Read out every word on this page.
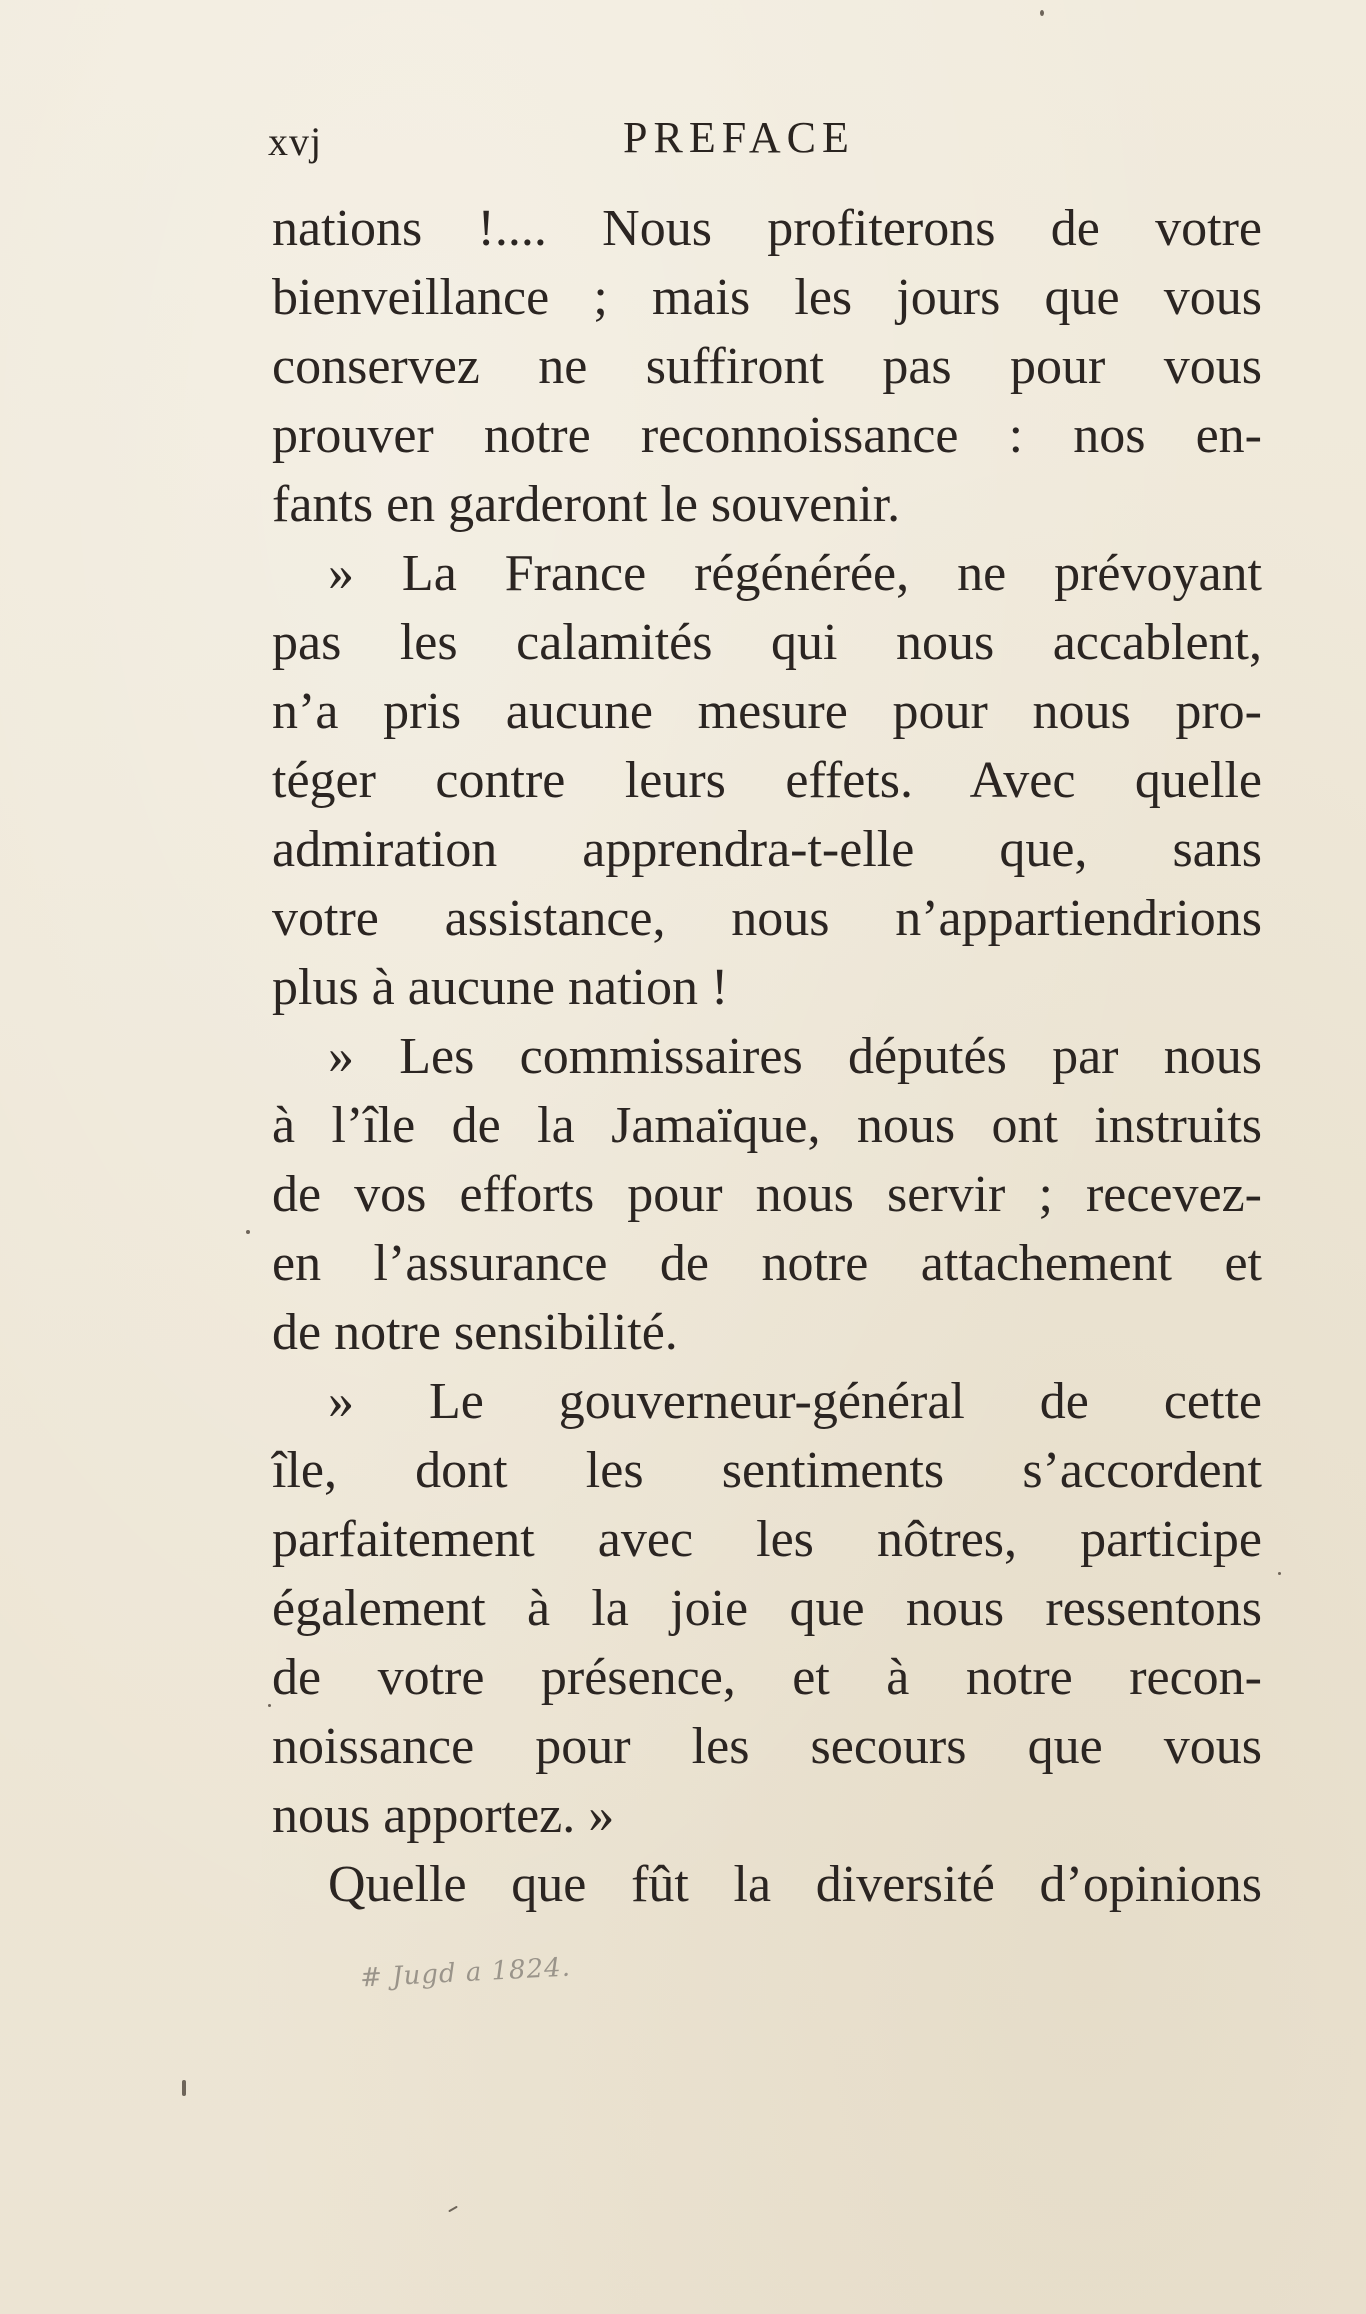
xvj	PREFACE
nations !.... Nous profiterons de votre
bienveillance ; mais les jours que vous
conservez ne suffiront pas pour vous
prouver notre reconnoissance : nos en-
fants en garderont le souvenir.
» La France régénérée, ne prévoyant
pas les calamités qui nous accablent,
n’a pris aucune mesure pour nous pro-
téger contre leurs effets. Avec quelle
admiration apprendra-t-elle que, sans
votre assistance, nous n’appartiendrions
plus à aucune nation !
» Les commissaires députés par nous
à l’île de la Jamaïque, nous ont instruits
de vos efforts pour nous servir ; recevez-
en l’assurance de notre attachement et
de notre sensibilité.
» Le gouverneur-général de cette
île, dont les sentiments s’accordent
parfaitement avec les nôtres, participe
également à la joie que nous ressentons
de votre présence, et à notre recon-
noissance pour les secours que vous
nous apportez. »
Quelle que fût la diversité d’opinions
# Jugd a 1824.
